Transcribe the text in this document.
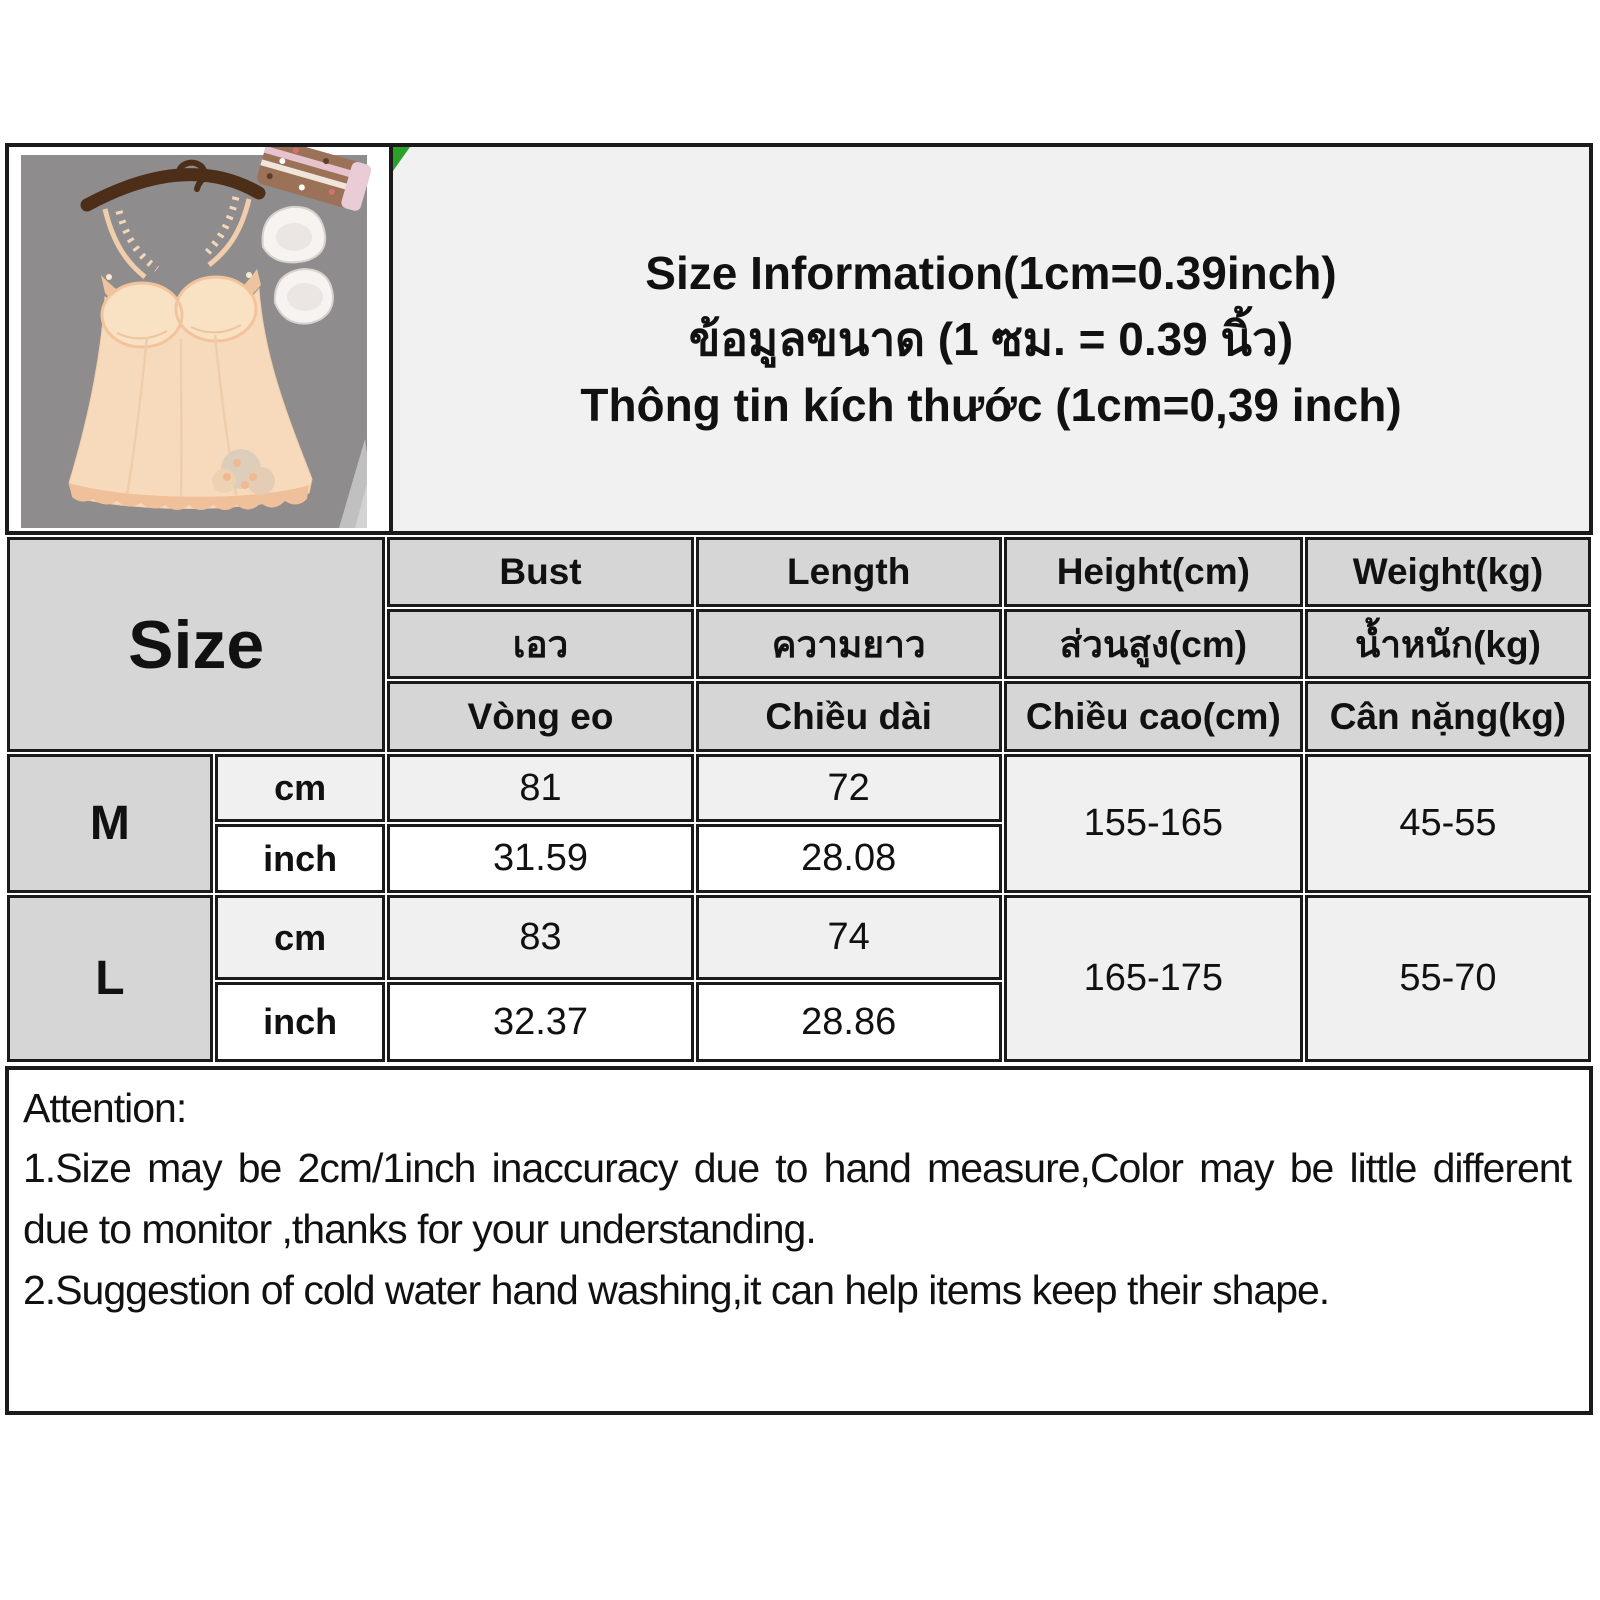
Size Information(1cm=0.39inch)
ข้อมูลขนาด (1 ซม. = 0.39 นิ้ว)
Thông tin kích thước (1cm=0,39 inch)
Size		Bust	Length	Height(cm)	Weight(kg)
		เอว	ความยาว	ส่วนสูง(cm)	น้ำหนัก(kg)
		Vòng eo	Chiều dài	Chiều cao(cm)	Cân nặng(kg)
M	cm	81	72	155-165	45-55
	inch	31.59	28.08		
L	cm	83	74	165-175	55-70
	inch	32.37	28.86		
Attention:

1.Size may be 2cm/1inch inaccuracy due to hand measure,Color may be little different due to monitor ,thanks for your understanding.

2.Suggestion of cold water hand washing,it can help items keep their shape.
